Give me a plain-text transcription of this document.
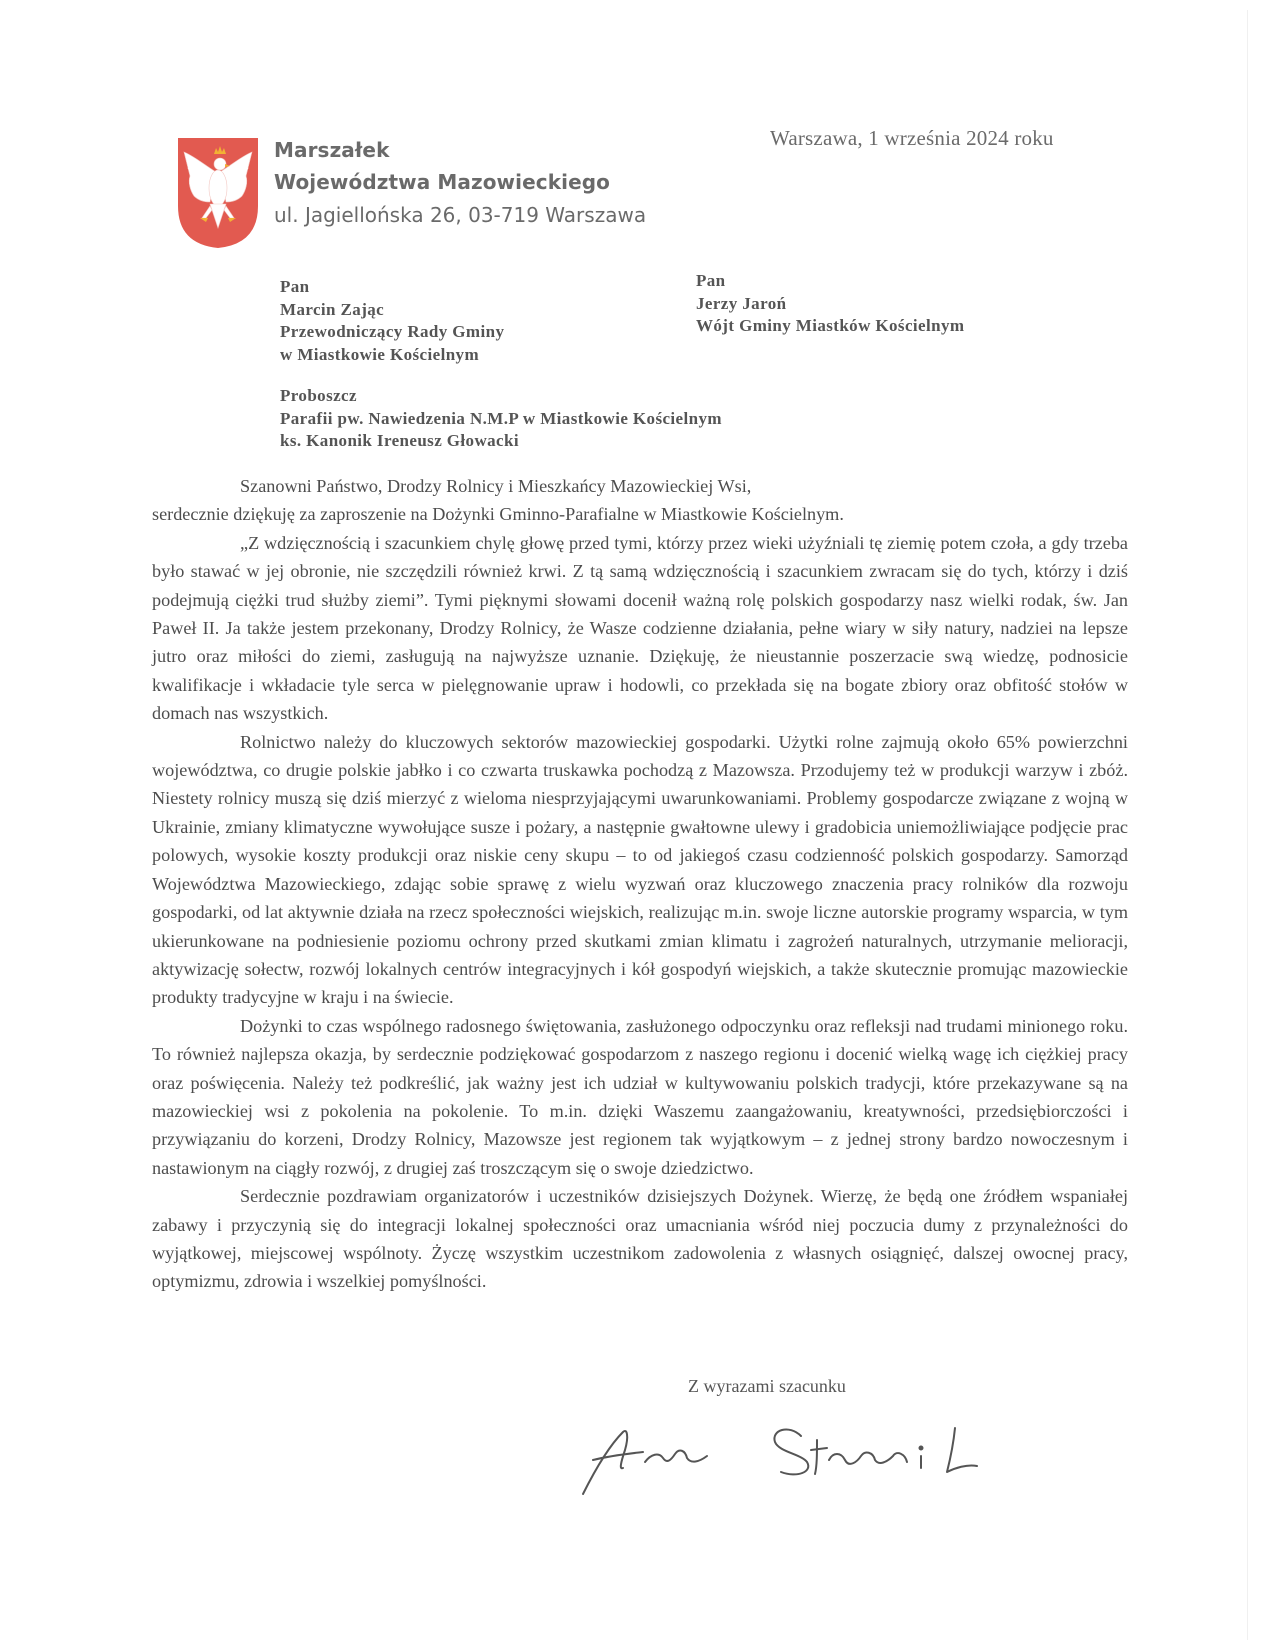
Marszałek
Województwa Mazowieckiego
ul. Jagiellońska 26, 03-719 Warszawa
Warszawa, 1 września 2024 roku
Pan
Marcin Zając
Przewodniczący Rady Gminy
w Miastkowie Kościelnym
Pan
Jerzy Jaroń
Wójt Gminy Miastków Kościelnym
Proboszcz
Parafii pw. Nawiedzenia N.M.P w Miastkowie Kościelnym
ks. Kanonik Ireneusz Głowacki

Szanowni Państwo, Drodzy Rolnicy i Mieszkańcy Mazowieckiej Wsi,

serdecznie dziękuję za zaproszenie na Dożynki Gminno-Parafialne w Miastkowie Kościelnym.

„Z wdzięcznością i szacunkiem chylę głowę przed tymi, którzy przez wieki użyźniali tę ziemię potem czoła, a gdy trzeba było stawać w jej obronie, nie szczędzili również krwi. Z tą samą wdzięcznością i szacunkiem zwracam się do tych, którzy i dziś podejmują ciężki trud służby ziemi”. Tymi pięknymi słowami docenił ważną rolę polskich gospodarzy nasz wielki rodak, św. Jan Paweł II. Ja także jestem przekonany, Drodzy Rolnicy, że Wasze codzienne działania, pełne wiary w siły natury, nadziei na lepsze jutro oraz miłości do ziemi, zasługują na najwyższe uznanie. Dziękuję, że nieustannie poszerzacie swą wiedzę, podnosicie kwalifikacje i wkładacie tyle serca w pielęgnowanie upraw i hodowli, co przekłada się na bogate zbiory oraz obfitość stołów w domach nas wszystkich.

Rolnictwo należy do kluczowych sektorów mazowieckiej gospodarki. Użytki rolne zajmują około 65% powierzchni województwa, co drugie polskie jabłko i co czwarta truskawka pochodzą z Mazowsza. Przodujemy też w produkcji warzyw i zbóż. Niestety rolnicy muszą się dziś mierzyć z wieloma niesprzyjającymi uwarunkowaniami. Problemy gospodarcze związane z wojną w Ukrainie, zmiany klimatyczne wywołujące susze i pożary, a następnie gwałtowne ulewy i gradobicia uniemożliwiające podjęcie prac polowych, wysokie koszty produkcji oraz niskie ceny skupu – to od jakiegoś czasu codzienność polskich gospodarzy. Samorząd Województwa Mazowieckiego, zdając sobie sprawę z wielu wyzwań oraz kluczowego znaczenia pracy rolników dla rozwoju gospodarki, od lat aktywnie działa na rzecz społeczności wiejskich, realizując m.in. swoje liczne autorskie programy wsparcia, w tym ukierunkowane na podniesienie poziomu ochrony przed skutkami zmian klimatu i zagrożeń naturalnych, utrzymanie melioracji, aktywizację sołectw, rozwój lokalnych centrów integracyjnych i kół gospodyń wiejskich, a także skutecznie promując mazowieckie produkty tradycyjne w kraju i na świecie.

Dożynki to czas wspólnego radosnego świętowania, zasłużonego odpoczynku oraz refleksji nad trudami minionego roku. To również najlepsza okazja, by serdecznie podziękować gospodarzom z naszego regionu i docenić wielką wagę ich ciężkiej pracy oraz poświęcenia. Należy też podkreślić, jak ważny jest ich udział w kultywowaniu polskich tradycji, które przekazywane są na mazowieckiej wsi z pokolenia na pokolenie. To m.in. dzięki Waszemu zaangażowaniu, kreatywności, przedsiębiorczości i przywiązaniu do korzeni, Drodzy Rolnicy, Mazowsze jest regionem tak wyjątkowym – z jednej strony bardzo nowoczesnym i nastawionym na ciągły rozwój, z drugiej zaś troszczącym się o swoje dziedzictwo.

Serdecznie pozdrawiam organizatorów i uczestników dzisiejszych Dożynek. Wierzę, że będą one źródłem wspaniałej zabawy i przyczynią się do integracji lokalnej społeczności oraz umacniania wśród niej poczucia dumy z przynależności do wyjątkowej, miejscowej wspólnoty. Życzę wszystkim uczestnikom zadowolenia z własnych osiągnięć, dalszej owocnej pracy, optymizmu, zdrowia i wszelkiej pomyślności.

Z wyrazami szacunku
